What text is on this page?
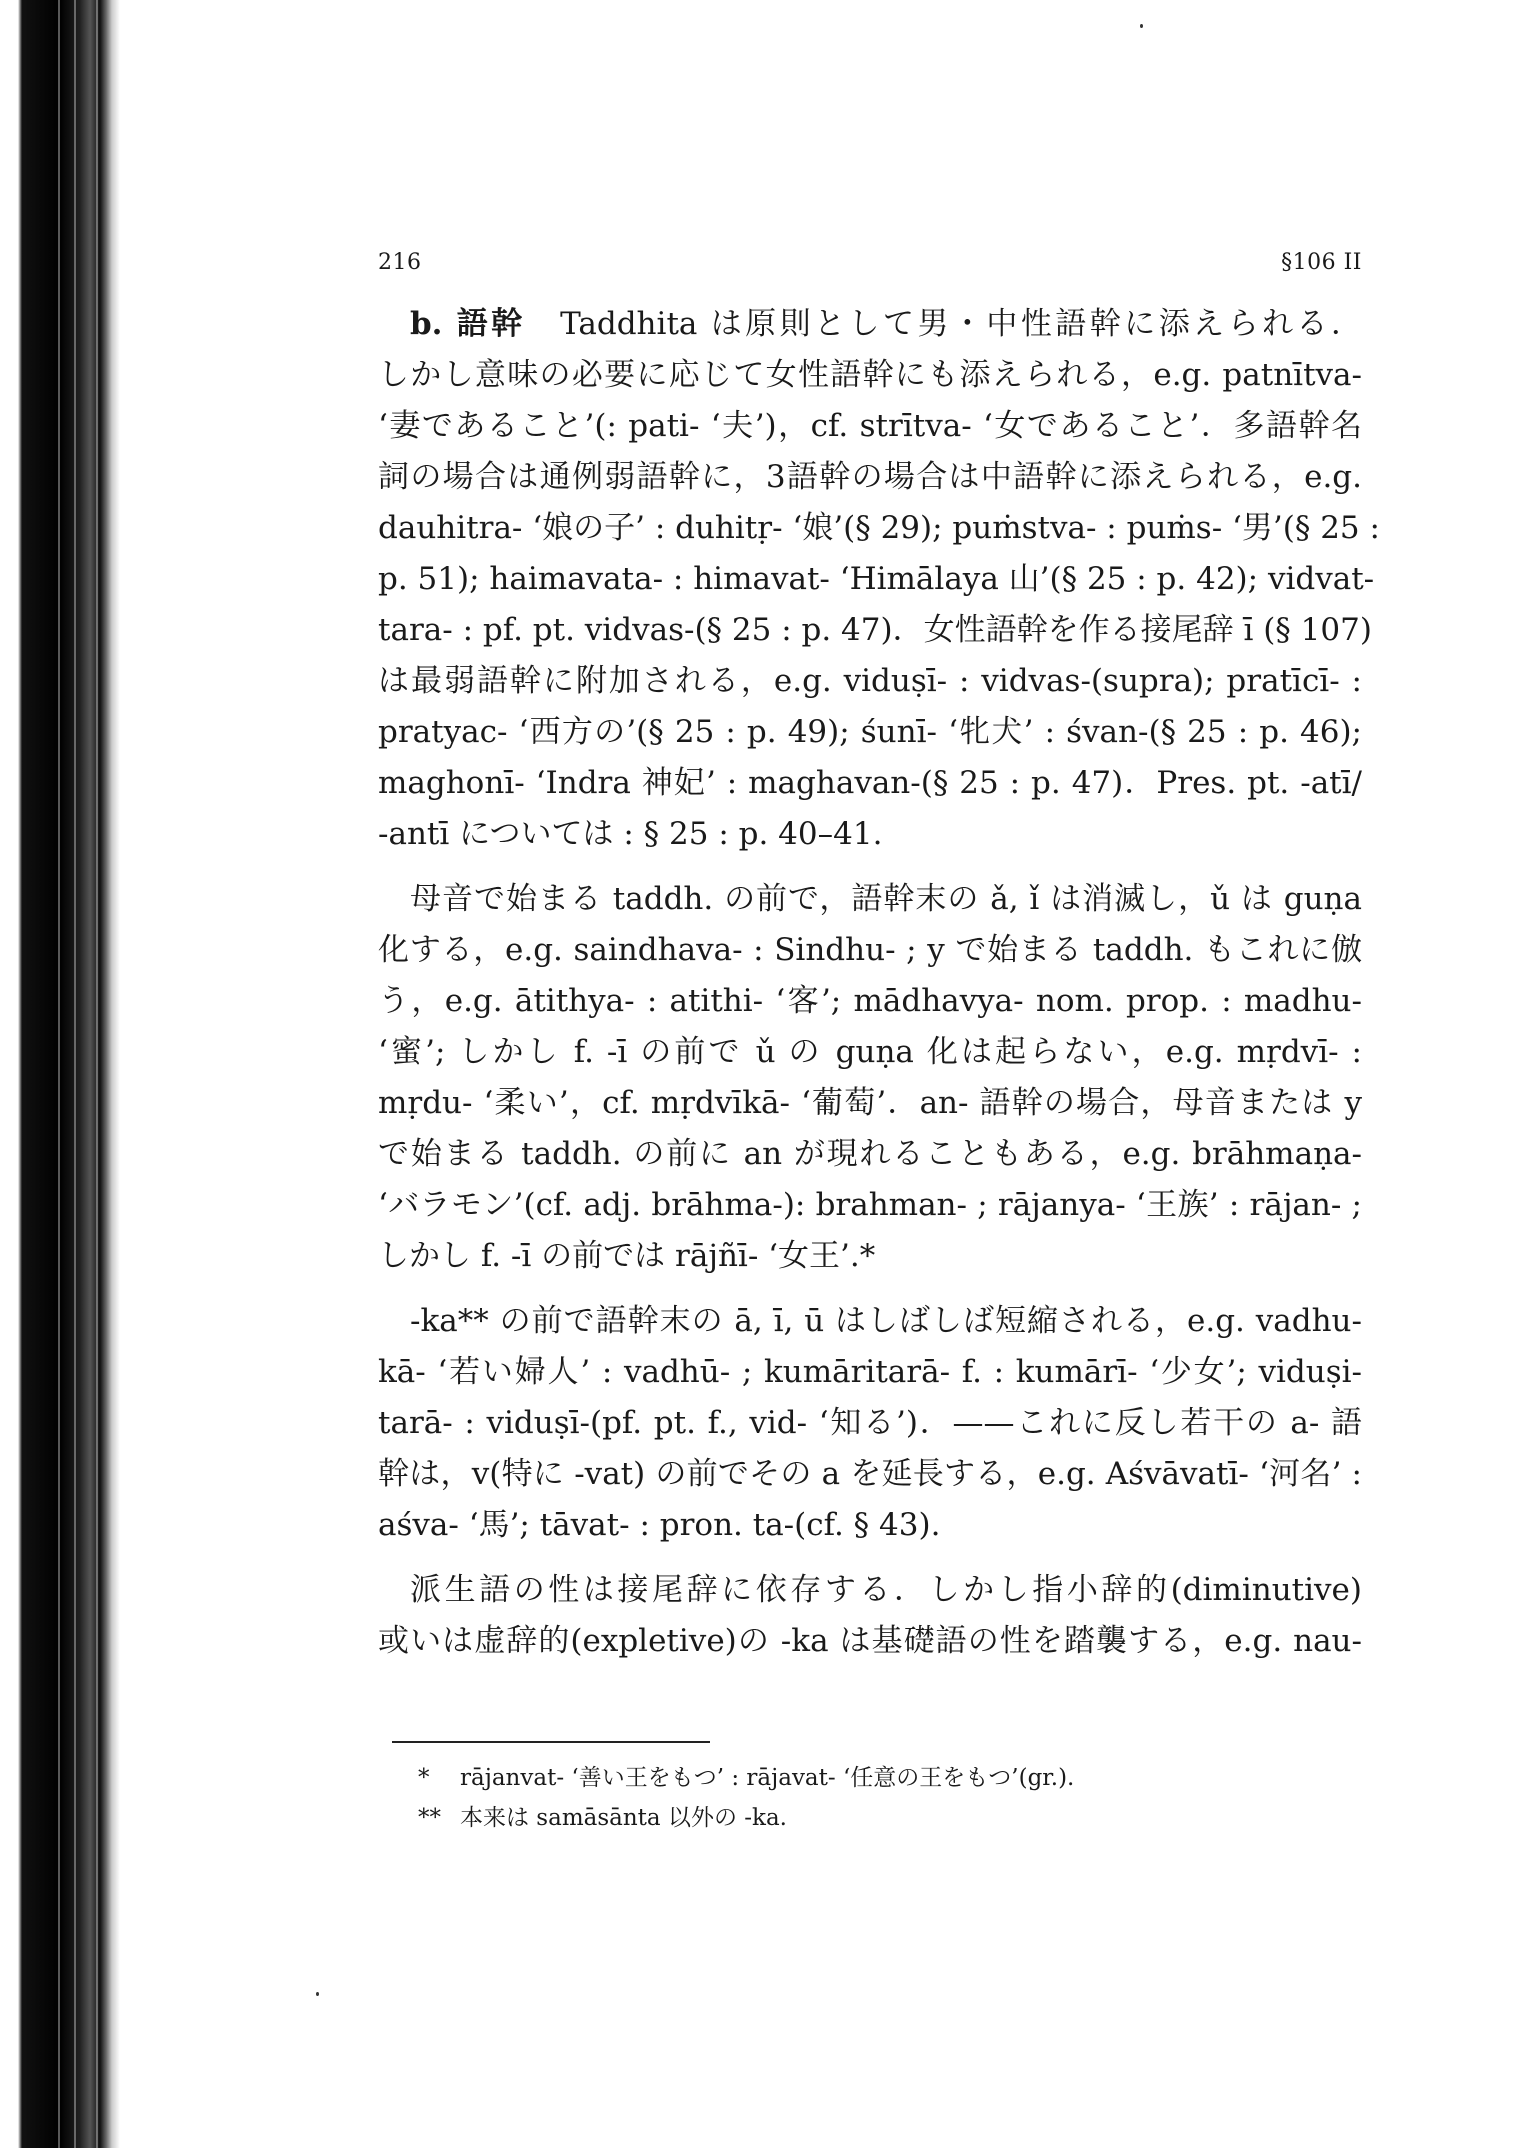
216	§106 II

b. 語幹　Taddhita は原則として男・中性語幹に添えられる．
しかし意味の必要に応じて女性語幹にも添えられる，e.g. patnītva-
‘妻であること’(: pati- ‘夫’)，cf. strītva- ‘女であること’．多語幹名
詞の場合は通例弱語幹に，3語幹の場合は中語幹に添えられる，e.g.
dauhitra- ‘娘の子’ : duhitṛ- ‘娘’(§ 29); puṁstva- : puṁs- ‘男’(§ 25 :
p. 51); haimavata- : himavat- ‘Himālaya 山’(§ 25 : p. 42); vidvat-
tara- : pf. pt. vidvas-(§ 25 : p. 47)．女性語幹を作る接尾辞 ī (§ 107)
は最弱語幹に附加される，e.g. viduṣī- : vidvas-(supra); pratīcī- :
pratyac- ‘西方の’(§ 25 : p. 49); śunī- ‘牝犬’ : śvan-(§ 25 : p. 46);
maghonī- ‘Indra 神妃’ : maghavan-(§ 25 : p. 47)．Pres. pt. -atī/
-antī については : § 25 : p. 40–41.

母音で始まる taddh. の前で，語幹末の ǎ, ǐ は消滅し，ǔ は guṇa
化する，e.g. saindhava- : Sindhu- ; y で始まる taddh. もこれに倣
う，e.g. ātithya- : atithi- ‘客’; mādhavya- nom. prop. : madhu-
‘蜜’; しかし f. -ī の前で ǔ の guṇa 化は起らない，e.g. mṛdvī- :
mṛdu- ‘柔い’，cf. mṛdvīkā- ‘葡萄’．an- 語幹の場合，母音または y
で始まる taddh. の前に an が現れることもある，e.g. brāhmaṇa-
‘バラモン’(cf. adj. brāhma-): brahman- ; rājanya- ‘王族’ : rājan- ;
しかし f. -ī の前では rājñī- ‘女王’.*

-ka** の前で語幹末の ā, ī, ū はしばしば短縮される，e.g. vadhu-
kā- ‘若い婦人’ : vadhū- ; kumāritarā- f. : kumārī- ‘少女’; viduṣi-
tarā- : viduṣī-(pf. pt. f., vid- ‘知る’)．——これに反し若干の a- 語
幹は，v(特に -vat) の前でその a を延長する，e.g. Aśvāvatī- ‘河名’ :
aśva- ‘馬’; tāvat- : pron. ta-(cf. § 43).

派生語の性は接尾辞に依存する．しかし指小辞的(diminutive)
或いは虚辞的(expletive)の -ka は基礎語の性を踏襲する，e.g. nau-

* rājanvat- ‘善い王をもつ’ : rājavat- ‘任意の王をもつ’(gr.).
** 本来は samāsānta 以外の -ka.
